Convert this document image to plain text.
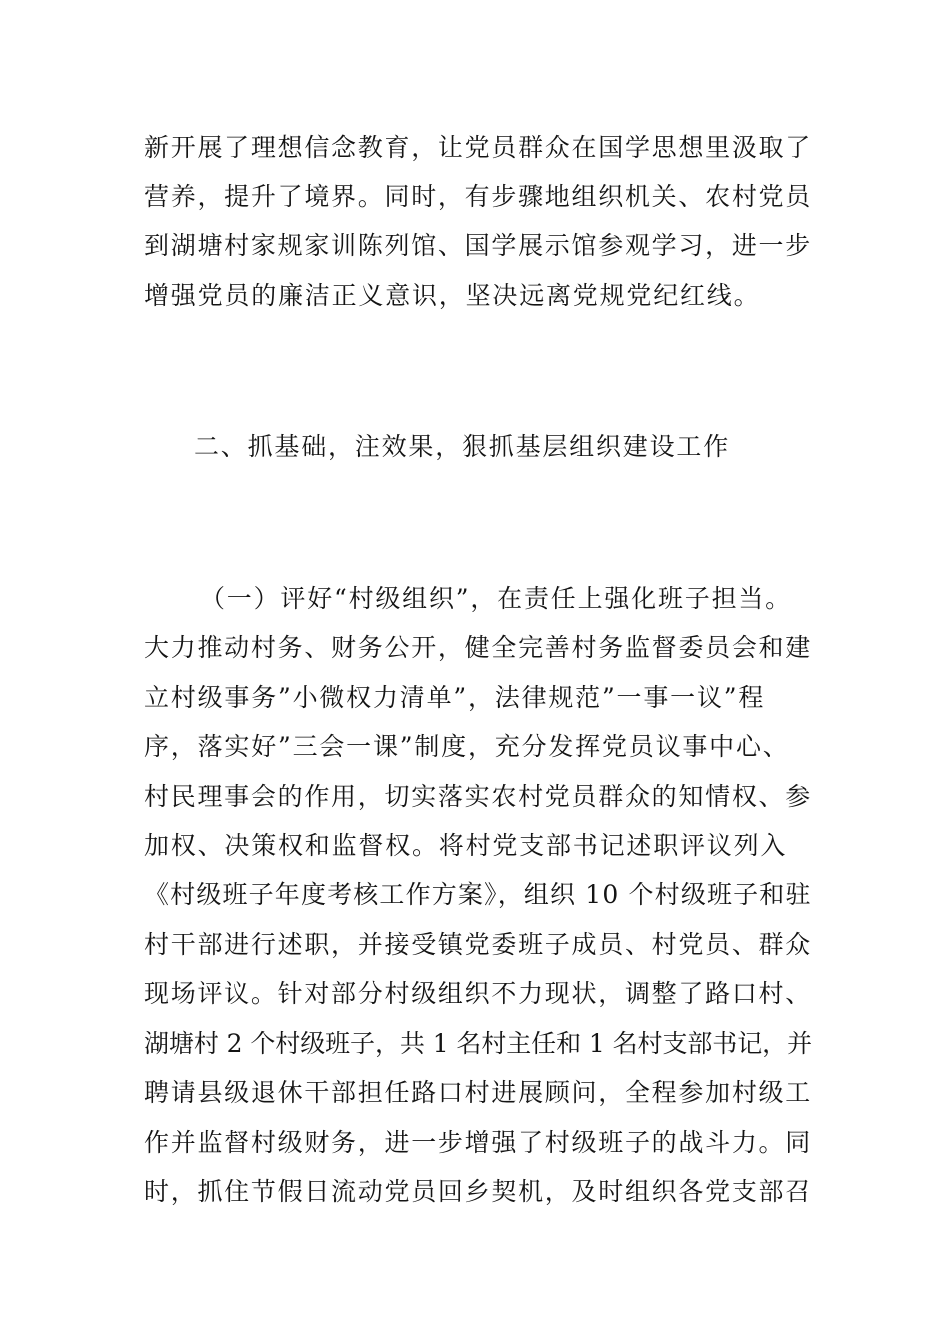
新开展了理想信念教育，让党员群众在国学思想里汲取了
营养，提升了境界。同时，有步骤地组织机关、农村党员
到湖塘村家规家训陈列馆、国学展示馆参观学习，进一步
增强党员的廉洁正义意识，坚决远离党规党纪红线。
二、抓基础，注效果，狠抓基层组织建设工作
（一）评好“村级组织”，在责任上强化班子担当。
大力推动村务、财务公开，健全完善村务监督委员会和建
立村级事务”小微权力清单”，法律规范”一事一议”程
序，落实好”三会一课”制度，充分发挥党员议事中心、
村民理事会的作用，切实落实农村党员群众的知情权、参
加权、决策权和监督权。将村党支部书记述职评议列入
《村级班子年度考核工作方案》，组织 10 个村级班子和驻
村干部进行述职，并接受镇党委班子成员、村党员、群众
现场评议。针对部分村级组织不力现状，调整了路口村、
湖塘村 2 个村级班子，共 1 名村主任和 1 名村支部书记，并
聘请县级退休干部担任路口村进展顾问，全程参加村级工
作并监督村级财务，进一步增强了村级班子的战斗力。同
时，抓住节假日流动党员回乡契机，及时组织各党支部召
